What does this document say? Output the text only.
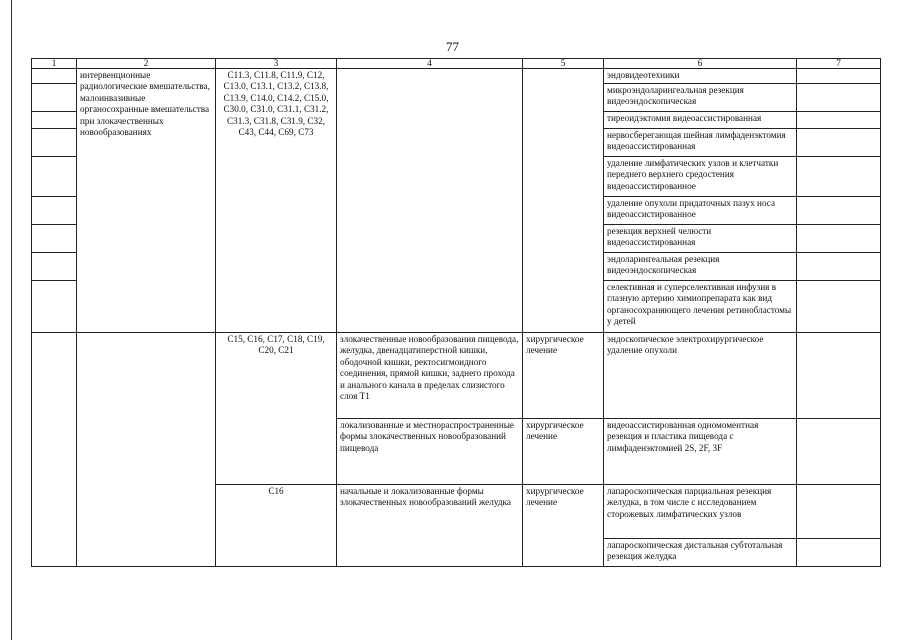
77
1	2	3	4	5	6	7
	интервенционные радиологические вмешательства, малоинвазивные органосохранные вмешательства при злокачественных новообразованиях	C11.3, C11.8, C11.9, C12, C13.0, C13.1, C13.2, C13.8, C13.9, C14.0, C14.2, C15.0, C30.0, C31.0, C31.1, C31.2, C31.3, C31.8, C31.9, C32, C43, C44, C69, C73			эндовидеотехники	
					микроэндоларингеальная резекция видеоэндоскопическая	
					тиреоидэктомия видеоассистированная	
					нервосберегающая шейная лимфаденэктомия видеоассистированная	
					удаление лимфатических узлов и клетчатки переднего верхнего средостения видеоассистированное	
					удаление опухоли придаточных пазух носа видеоассистированное	
					резекция верхней челюсти видеоассистированная	
					эндоларингеальная резекция видеоэндоскопическая	
					селективная и суперселективная инфузия в глазную артерию химиопрепарата как вид органосохраняющего лечения ретинобластомы у детей	
		C15, C16, C17, C18, C19, C20, C21	злокачественные новообразования пищевода, желудка, двенадцатиперстной кишки, ободочной кишки, ректосигмоидного соединения, прямой кишки, заднего прохода и анального канала в пределах слизистого слоя T1	хирургическое лечение	эндоскопическое электрохирургическое удаление опухоли	
			локализованные и местнораспространенные формы злокачественных новообразований пищевода	хирургическое лечение	видеоассистированная одномоментная резекция и пластика пищевода с лимфаденэктомией 2S, 2F, 3F	
		C16	начальные и локализованные формы злокачественных новообразований желудка	хирургическое лечение	лапароскопическая парциальная резекция желудка, в том числе с исследованием сторожевых лимфатических узлов	
					лапароскопическая дистальная субтотальная резекция желудка	
